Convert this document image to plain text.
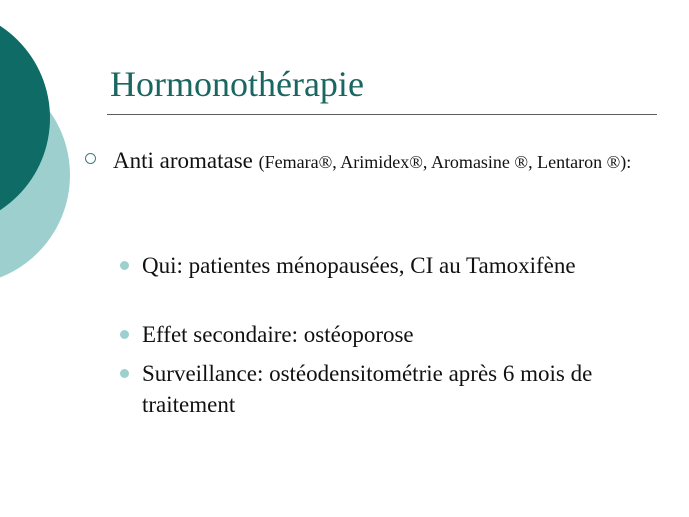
Hormonothérapie
Anti aromatase (Femara®, Arimidex®, Aromasine ®, Lentaron ®):
Qui: patientes ménopausées, CI au Tamoxifène
Effet secondaire: ostéoporose
Surveillance: ostéodensitométrie après 6 mois de traitement
